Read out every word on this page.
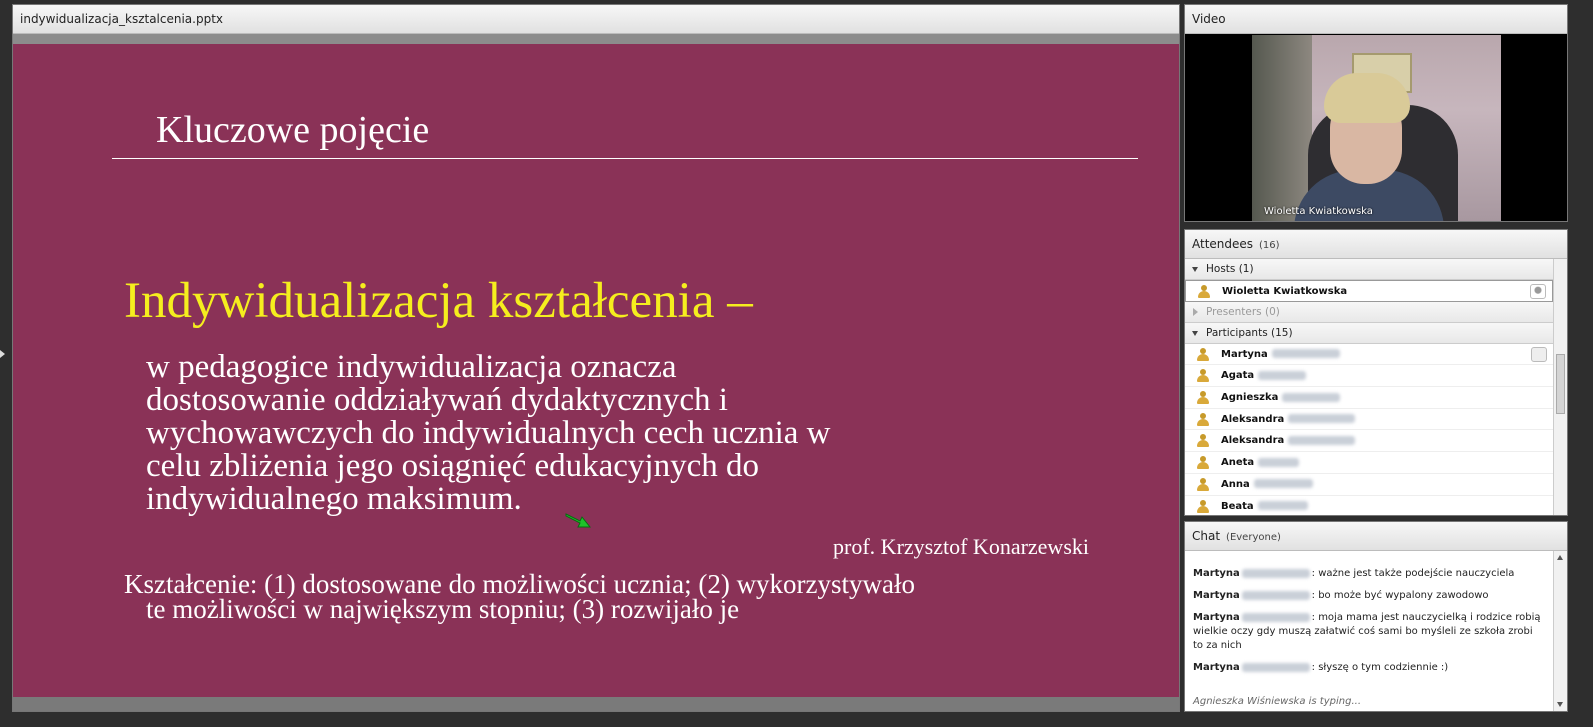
indywidualizacja_ksztalcenia.pptx
Kluczowe pojęcie
Indywidualizacja kształcenia –
w pedagogice indywidualizacja oznacza
dostosowanie oddziaływań dydaktycznych i
wychowawczych do indywidualnych cech ucznia w
celu zbliżenia jego osiągnięć edukacyjnych do
indywidualnego maksimum.
prof. Krzysztof Konarzewski
Kształcenie: (1) dostosowane do możliwości ucznia; (2) wykorzystywało
te możliwości w największym stopniu; (3) rozwijało je
Video
Wioletta Kwiatkowska
Attendees (16)
Hosts (1)
Wioletta Kwiatkowska
Presenters (0)
Participants (15)
Martyna
Agata
Agnieszka
Aleksandra
Aleksandra
Aneta
Anna
Beata
Chat (Everyone)
Martyna	: ważne jest także podejście nauczyciela
Martyna	: bo może być wypalony zawodowo
Martyna	: moja mama jest nauczycielką i rodzice robią wielkie oczy gdy muszą załatwić coś sami bo myśleli ze szkoła zrobi to za nich
Martyna	: słyszę o tym codziennie :)
Agnieszka Wiśniewska is typing...
